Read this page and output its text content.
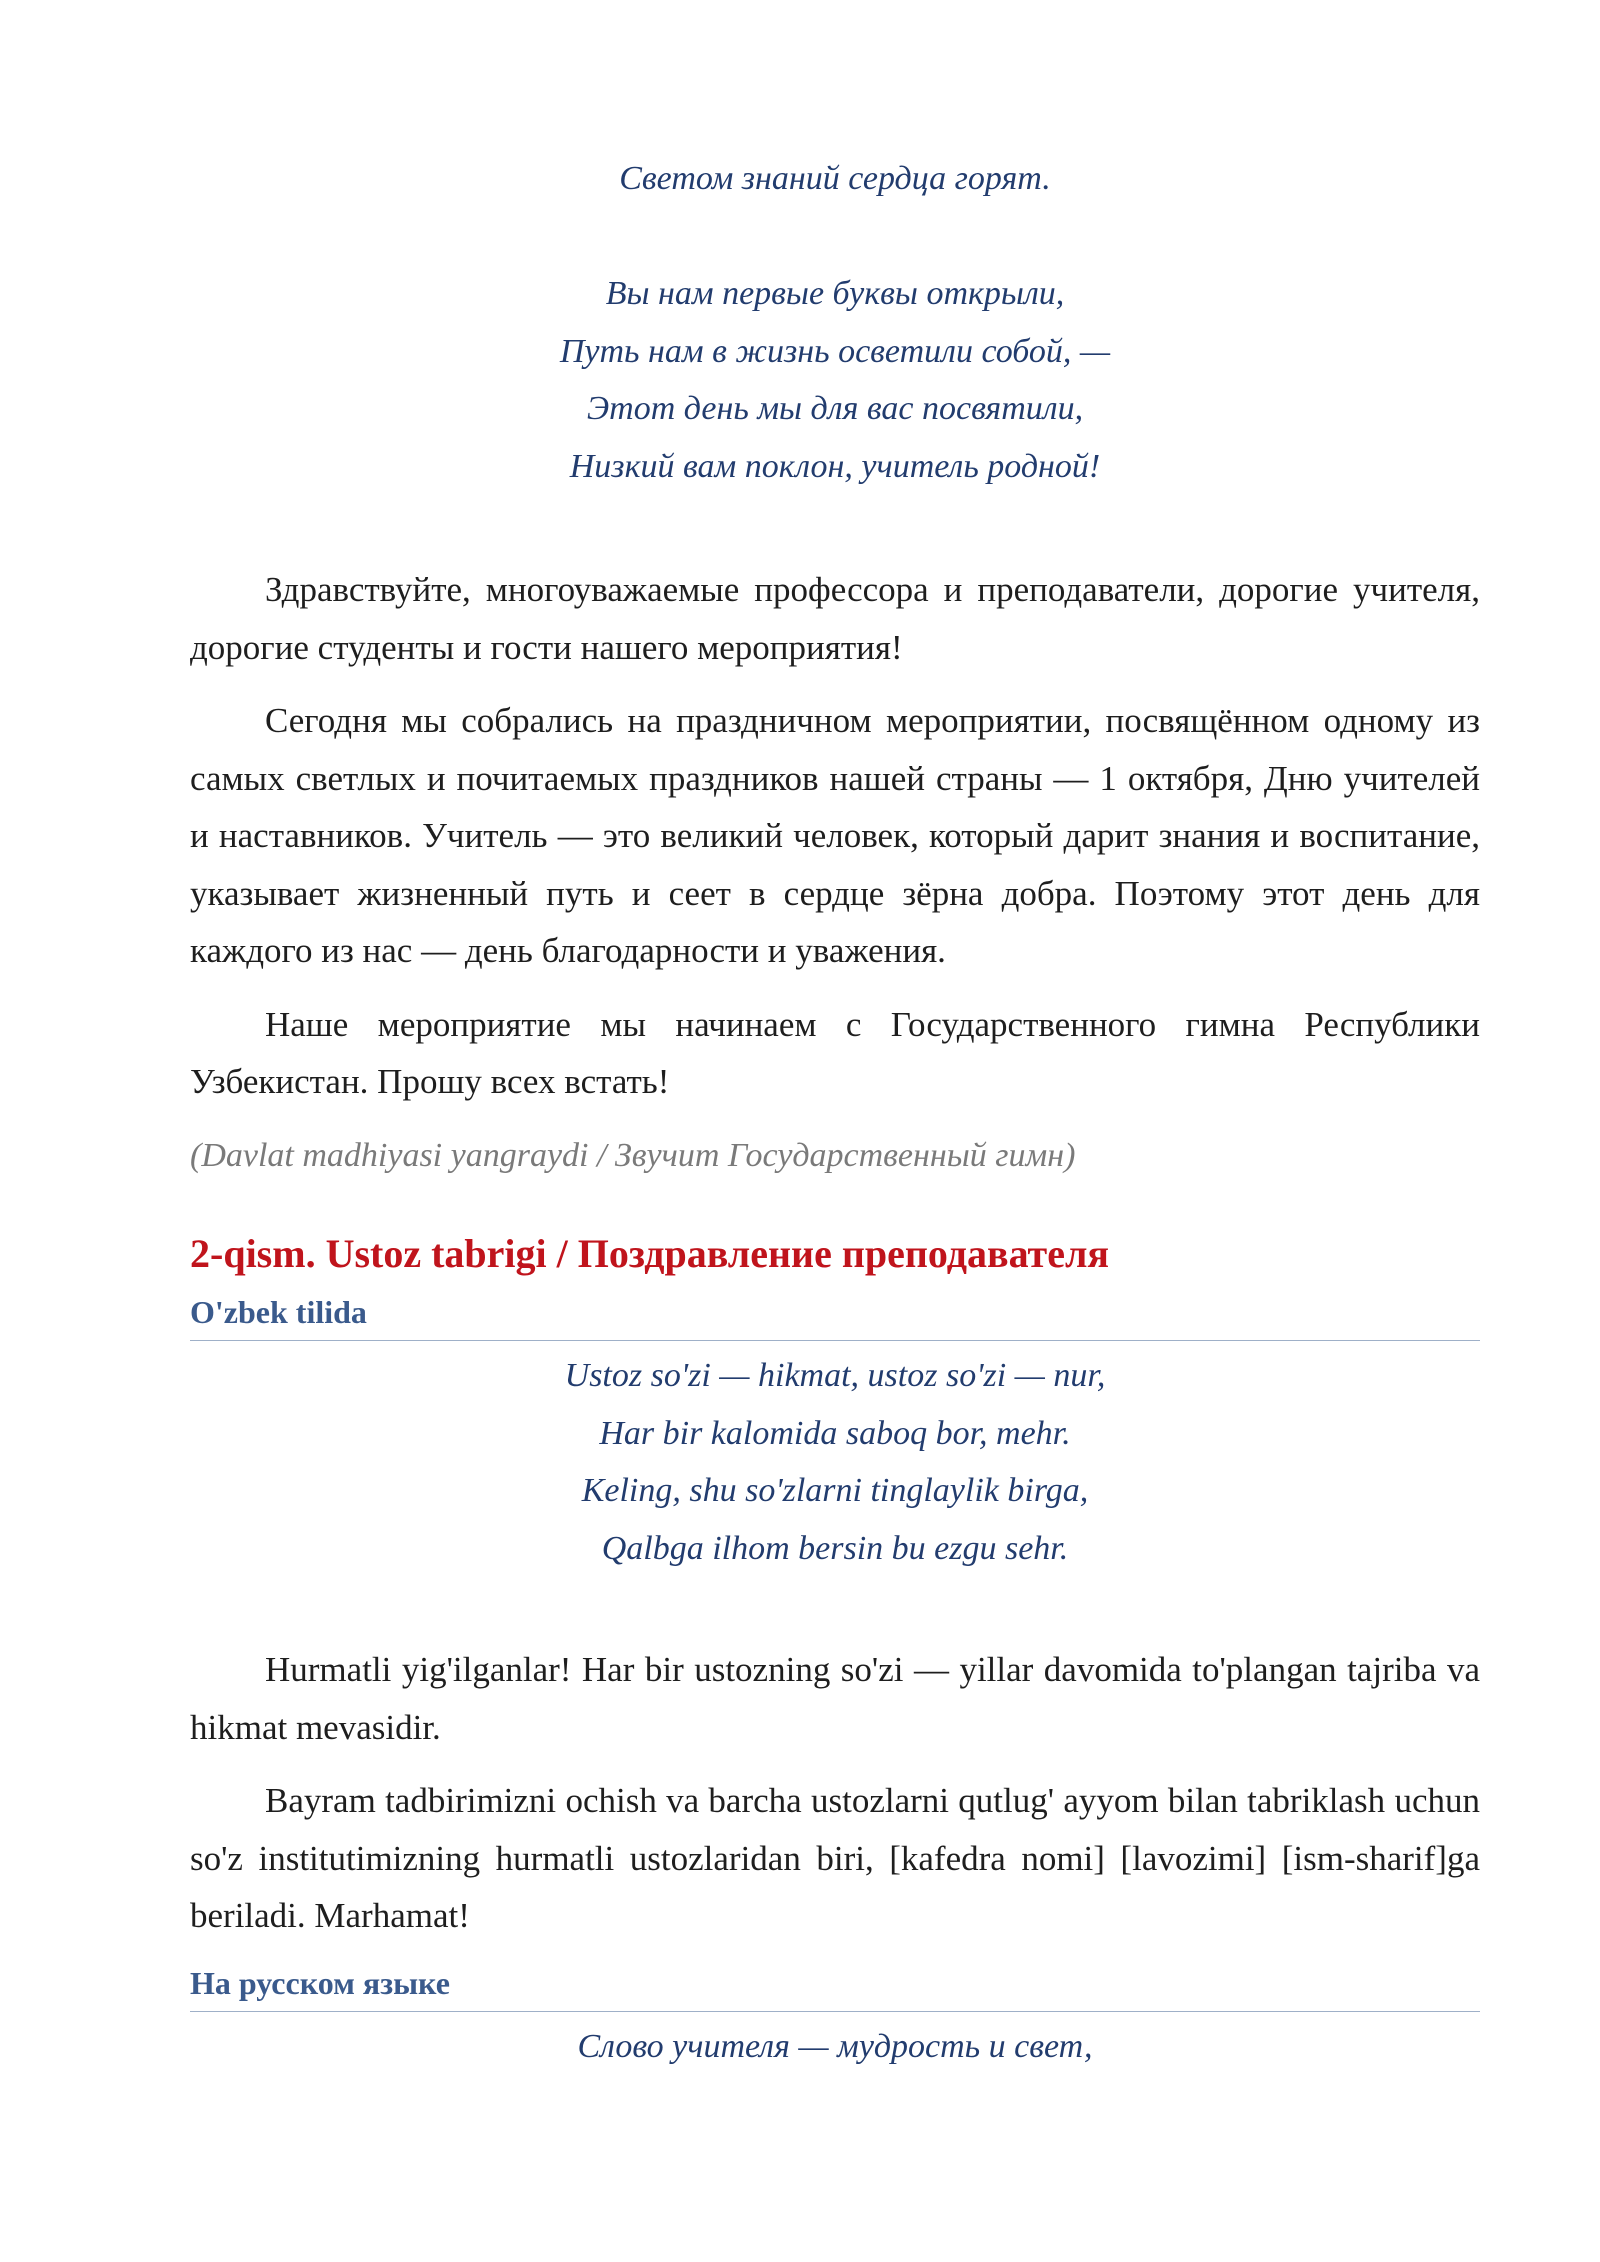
Светом знаний сердца горят.
Вы нам первые буквы открыли,
Путь нам в жизнь осветили собой, —
Этот день мы для вас посвятили,
Низкий вам поклон, учитель родной!

Здравствуйте, многоуважаемые профессора и преподаватели, дорогие учителя, дорогие студенты и гости нашего мероприятия!

Сегодня мы собрались на праздничном мероприятии, посвящённом одному из самых светлых и почитаемых праздников нашей страны — 1 октября, Дню учителей и наставников. Учитель — это великий человек, который дарит знания и воспитание, указывает жизненный путь и сеет в сердце зёрна добра. Поэтому этот день для каждого из нас — день благодарности и уважения.

Наше мероприятие мы начинаем с Государственного гимна Республики Узбекистан. Прошу всех встать!

(Davlat madhiyasi yangraydi / Звучит Государственный гимн)
2-qism. Ustoz tabrigi / Поздравление преподавателя
O'zbek tilida
Ustoz so'zi — hikmat, ustoz so'zi — nur,
Har bir kalomida saboq bor, mehr.
Keling, shu so'zlarni tinglaylik birga,
Qalbga ilhom bersin bu ezgu sehr.

Hurmatli yig'ilganlar! Har bir ustozning so'zi — yillar davomida to'plangan tajriba va hikmat mevasidir.

Bayram tadbirimizni ochish va barcha ustozlarni qutlug' ayyom bilan tabriklash uchun so'z institutimizning hurmatli ustozlaridan biri, [kafedra nomi] [lavozimi] [ism-sharif]ga beriladi. Marhamat!

На русском языке
Слово учителя — мудрость и свет,
